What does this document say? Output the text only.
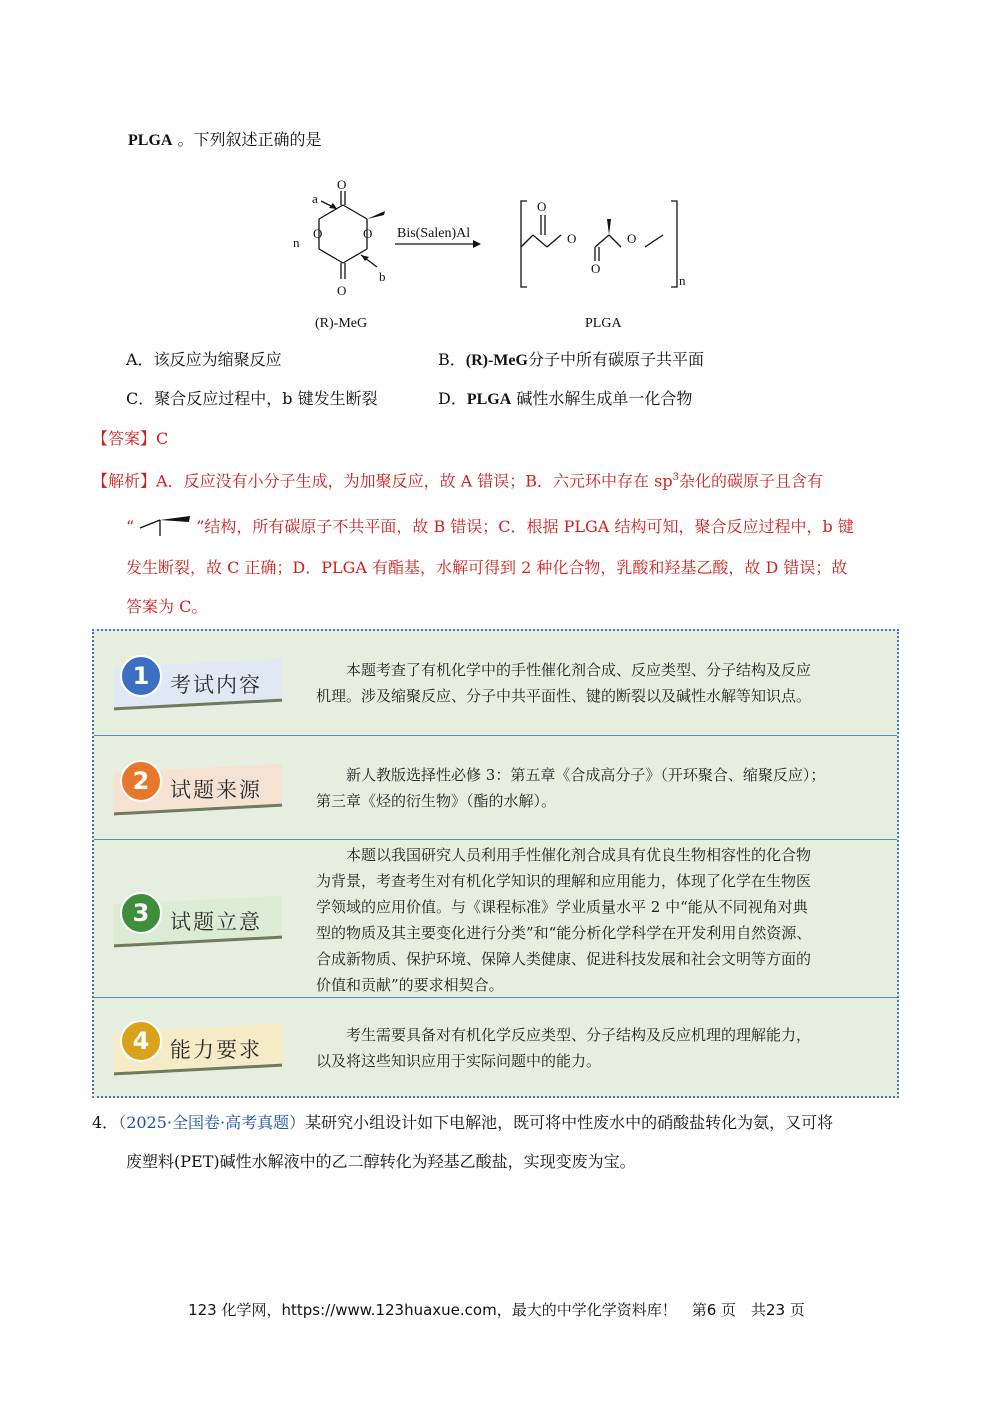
PLGA 。下列叙述正确的是
O
O
O	O
a
b
n
Bis(Salen)Al
O
O
O
O
n
(R)-MeG	PLGA
A．该反应为缩聚反应	B．(R)-MeG分子中所有碳原子共平面
C．聚合反应过程中，b 键发生断裂	D．PLGA 碱性水解生成单一化合物
【答案】C
【解析】A．反应没有小分子生成，为加聚反应，故 A 错误；B．六元环中存在 $sp^3$杂化的碳原子且含有
“	”结构，所有碳原子不共平面，故 B 错误；C．根据 PLGA 结构可知，聚合反应过程中，b 键
发生断裂，故 C 正确；D．PLGA 有酯基，水解可得到 2 种化合物，乳酸和羟基乙酸，故 D 错误；故
答案为 C。
1 考试内容
　　本题考查了有机化学中的手性催化剂合成、反应类型、分子结构及反应
机理。涉及缩聚反应、分子中共平面性、键的断裂以及碱性水解等知识点。
2 试题来源
　　新人教版选择性必修 3：第五章《合成高分子》（开环聚合、缩聚反应）；
第三章《烃的衍生物》（酯的水解）。
3 试题立意
　　本题以我国研究人员利用手性催化剂合成具有优良生物相容性的化合物
为背景，考查考生对有机化学知识的理解和应用能力，体现了化学在生物医
学领域的应用价值。与《课程标准》学业质量水平 2 中“能从不同视角对典
型的物质及其主要变化进行分类”和“能分析化学科学在开发利用自然资源、
合成新物质、保护环境、保障人类健康、促进科技发展和社会文明等方面的
价值和贡献”的要求相契合。
4 能力要求
　　考生需要具备对有机化学反应类型、分子结构及反应机理的理解能力，
以及将这些知识应用于实际问题中的能力。
4．（2025·全国卷·高考真题）某研究小组设计如下电解池，既可将中性废水中的硝酸盐转化为氨，又可将
废塑料(PET)碱性水解液中的乙二醇转化为羟基乙酸盐，实现变废为宝。
123 化学网，https://www.123huaxue.com，最大的中学化学资料库！　第6 页　共23 页
